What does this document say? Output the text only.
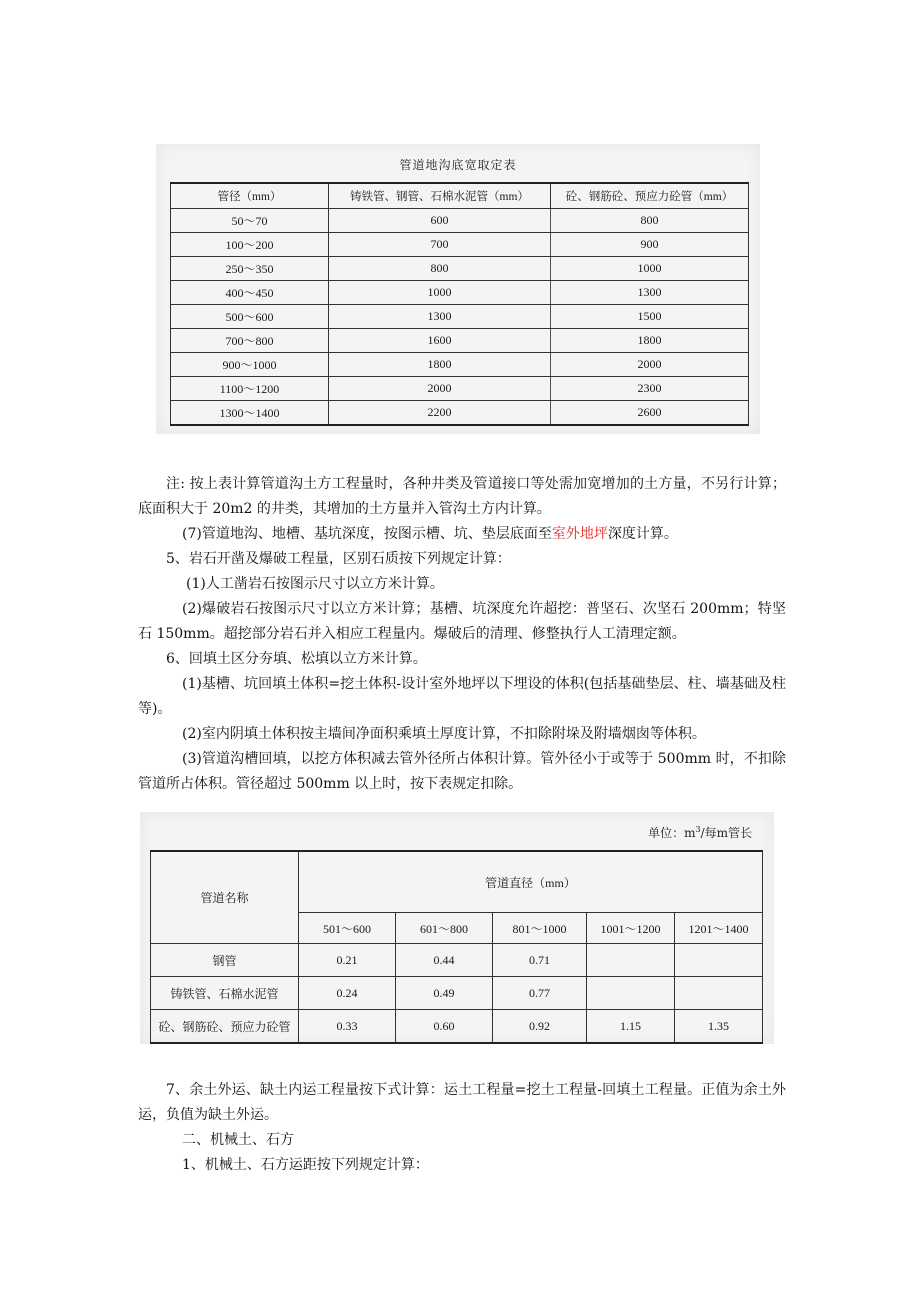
管道地沟底宽取定表
管径（mm）	铸铁管、钢管、石棉水泥管（mm）	砼、钢筋砼、预应力砼管（mm）
50～70	600	800
100～200	700	900
250～350	800	1000
400～450	1000	1300
500～600	1300	1500
700～800	1600	1800
900～1000	1800	2000
1100～1200	2000	2300
1300～1400	2200	2600

注: 按上表计算管道沟土方工程量时，各种井类及管道接口等处需加宽增加的土方量，不另行计算；底面积大于 20m2 的井类，其增加的土方量并入管沟土方内计算。

(7)管道地沟、地槽、基坑深度，按图示槽、坑、垫层底面至室外地坪深度计算。

5、岩石开凿及爆破工程量，区别石质按下列规定计算：

(1)人工凿岩石按图示尺寸以立方米计算。

(2)爆破岩石按图示尺寸以立方米计算；基槽、坑深度允许超挖：普坚石、次坚石 200mm；特坚石 150mm。超挖部分岩石并入相应工程量内。爆破后的清理、修整执行人工清理定额。

6、回填土区分夯填、松填以立方米计算。

(1)基槽、坑回填土体积=挖土体积-设计室外地坪以下埋设的体积(包括基础垫层、柱、墙基础及柱等)。

(2)室内阴填土体积按主墙间净面积乘填土厚度计算，不扣除附垛及附墙烟囱等体积。

(3)管道沟槽回填，以挖方体积减去管外径所占体积计算。管外径小于或等于 500mm 时，不扣除管道所占体积。管径超过 500mm 以上时，按下表规定扣除。

单位：$m^3/$每m管长
管道名称	管道直径（mm）				
	501～600	601～800	801～1000	1001～1200	1201～1400
钢管	0.21	0.44	0.71		
铸铁管、石棉水泥管	0.24	0.49	0.77		
砼、钢筋砼、预应力砼管	0.33	0.60	0.92	1.15	1.35

7、余土外运、缺土内运工程量按下式计算：运土工程量=挖土工程量-回填土工程量。正值为余土外运，负值为缺土外运。

二、机械土、石方

1、机械土、石方运距按下列规定计算：
